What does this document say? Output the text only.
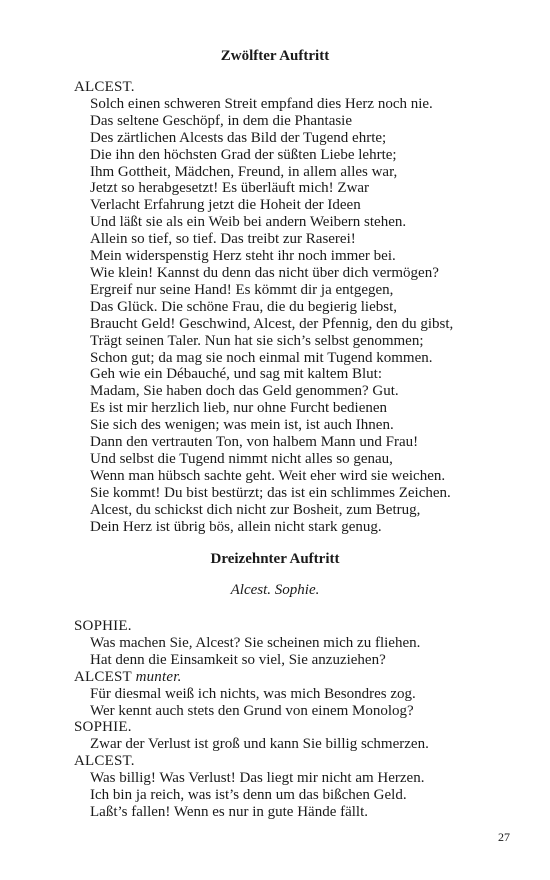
Zwölfter Auftritt
ALCEST.
Solch einen schweren Streit empfand dies Herz noch nie.
Das seltene Geschöpf, in dem die Phantasie
Des zärtlichen Alcests das Bild der Tugend ehrte;
Die ihn den höchsten Grad der süßten Liebe lehrte;
Ihm Gottheit, Mädchen, Freund, in allem alles war,
Jetzt so herabgesetzt! Es überläuft mich! Zwar
Verlacht Erfahrung jetzt die Hoheit der Ideen
Und läßt sie als ein Weib bei andern Weibern stehen.
Allein so tief, so tief. Das treibt zur Raserei!
Mein widerspenstig Herz steht ihr noch immer bei.
Wie klein! Kannst du denn das nicht über dich vermögen?
Ergreif nur seine Hand! Es kömmt dir ja entgegen,
Das Glück. Die schöne Frau, die du begierig liebst,
Braucht Geld! Geschwind, Alcest, der Pfennig, den du gibst,
Trägt seinen Taler. Nun hat sie sich’s selbst genommen;
Schon gut; da mag sie noch einmal mit Tugend kommen.
Geh wie ein Débauché, und sag mit kaltem Blut:
Madam, Sie haben doch das Geld genommen? Gut.
Es ist mir herzlich lieb, nur ohne Furcht bedienen
Sie sich des wenigen; was mein ist, ist auch Ihnen.
Dann den vertrauten Ton, von halbem Mann und Frau!
Und selbst die Tugend nimmt nicht alles so genau,
Wenn man hübsch sachte geht. Weit eher wird sie weichen.
Sie kommt! Du bist bestürzt; das ist ein schlimmes Zeichen.
Alcest, du schickst dich nicht zur Bosheit, zum Betrug,
Dein Herz ist übrig bös, allein nicht stark genug.
Dreizehnter Auftritt
Alcest. Sophie.
SOPHIE.
Was machen Sie, Alcest? Sie scheinen mich zu fliehen.
Hat denn die Einsamkeit so viel, Sie anzuziehen?
ALCEST munter.
Für diesmal weiß ich nichts, was mich Besondres zog.
Wer kennt auch stets den Grund von einem Monolog?
SOPHIE.
Zwar der Verlust ist groß und kann Sie billig schmerzen.
ALCEST.
Was billig! Was Verlust! Das liegt mir nicht am Herzen.
Ich bin ja reich, was ist’s denn um das bißchen Geld.
Laßt’s fallen! Wenn es nur in gute Hände fällt.
27
